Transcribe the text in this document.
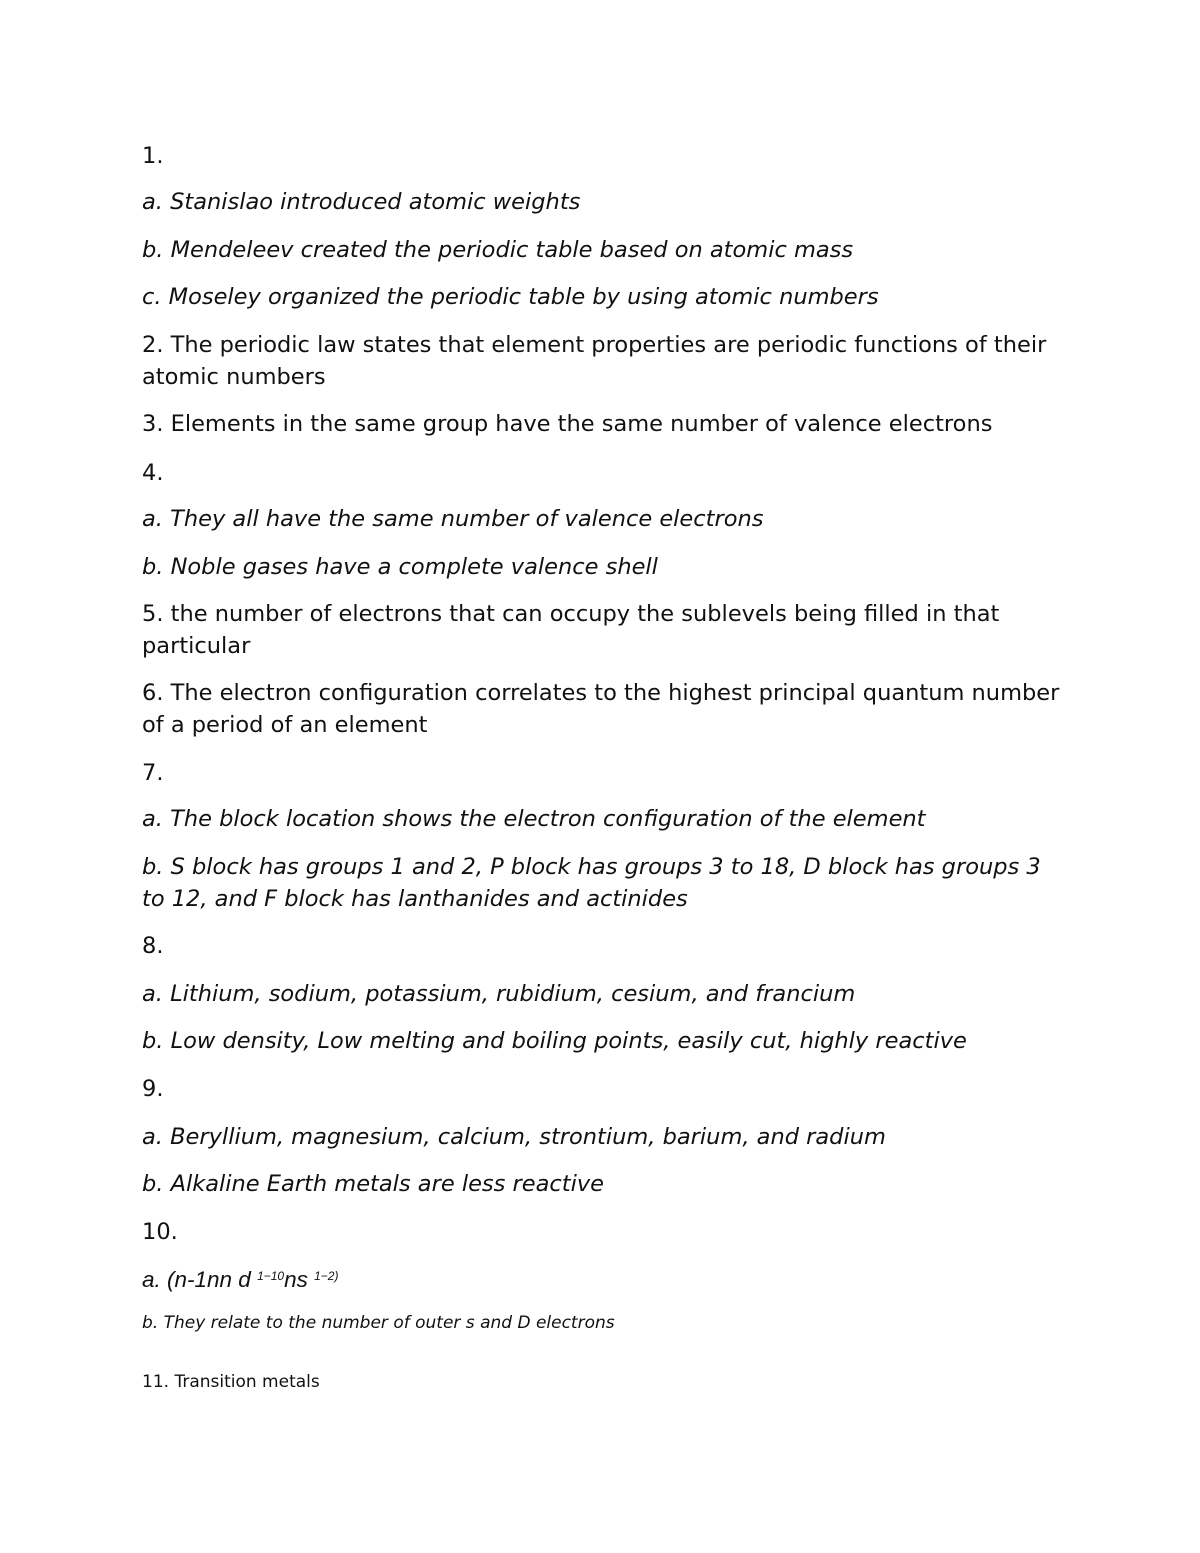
1.

a. Stanislao introduced atomic weights

b. Mendeleev created the periodic table based on atomic mass

c. Moseley organized the periodic table by using atomic numbers

2. The periodic law states that element properties are periodic functions of their atomic numbers

3. Elements in the same group have the same number of valence electrons

4.

a. They all have the same number of valence electrons

b. Noble gases have a complete valence shell

5. the number of electrons that can occupy the sublevels being filled in that particular

6. The electron configuration correlates to the highest principal quantum number of a period of an element

7.

a. The block location shows the electron configuration of the element

b. S block has groups 1 and 2, P block has groups 3 to 18, D block has groups 3 to 12, and F block has lanthanides and actinides

8.

a. Lithium, sodium, potassium, rubidium, cesium, and francium

b. Low density, Low melting and boiling points, easily cut, highly reactive

9.

a. Beryllium, magnesium, calcium, strontium, barium, and radium

b. Alkaline Earth metals are less reactive

10.

a. (n-1nn d $^{1-10}$ns $^{1-2)}$

b. They relate to the number of outer s and D electrons

11. Transition metals
